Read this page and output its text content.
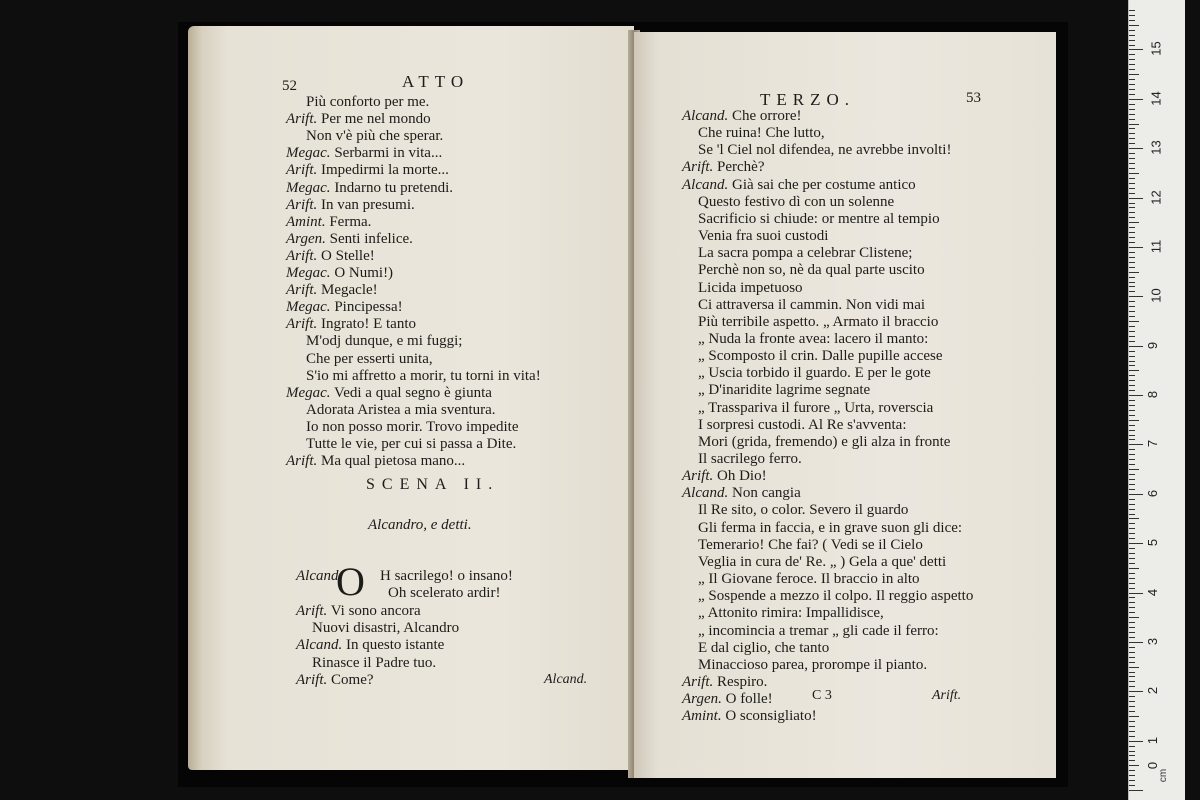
52	ATTO
Più conforto per me.
Arift. Per me nel mondo
Non v'è più che sperar.
Megac. Serbarmi in vita...
Arift. Impedirmi la morte...
Megac. Indarno tu pretendi.
Arift. In van presumi.
Amint. Ferma.
Argen. Senti infelice.
Arift. O Stelle!
Megac. O Numi!)
Arift. Megacle!
Megac. Pincipessa!
Arift. Ingrato! E tanto
M'odj dunque, e mi fuggi;
Che per esserti unita,
S'io mi affretto a morir, tu torni in vita!
Megac. Vedi a qual segno è giunta
Adorata Aristea a mia sventura.
Io non posso morir. Trovo impedite
Tutte le vie, per cui si passa a Dite.
Arift. Ma qual pietosa mano...
SCENA II.
Alcandro, e detti.
O
Alcand.	H sacrilego! o insano!
Oh scelerato ardir!
Arift. Vi sono ancora
Nuovi disastri, Alcandro
Alcand. In questo istante
Rinasce il Padre tuo.
Arift. Come?	Alcand.
TERZO.	53
Alcand. Che orrore!
Che ruina! Che lutto,
Se 'l Ciel nol difendea, ne avrebbe involti!
Arift. Perchè?
Alcand. Già sai che per costume antico
Questo festivo dì con un solenne
Sacrificio si chiude: or mentre al tempio
Venia fra suoi custodi
La sacra pompa a celebrar Clistene;
Perchè non so, nè da qual parte uscito
Licida impetuoso
Ci attraversa il cammin. Non vidi mai
Più terribile aspetto. „ Armato il braccio
„ Nuda la fronte avea: lacero il manto:
„ Scomposto il crin. Dalle pupille accese
„ Uscia torbido il guardo. E per le gote
„ D'inaridite lagrime segnate
„ Trasspariva il furore „ Urta, roverscia
I sorpresi custodi. Al Re s'avventa:
Mori (grida, fremendo) e gli alza in fronte
Il sacrilego ferro.
Arift. Oh Dio!
Alcand. Non cangia
Il Re sito, o color. Severo il guardo
Gli ferma in faccia, e in grave suon gli dice:
Temerario! Che fai? ( Vedi se il Cielo
Veglia in cura de' Re. „ ) Gela a que' detti
„ Il Giovane feroce. Il braccio in alto
„ Sospende a mezzo il colpo. Il reggio aspetto
„ Attonito rimira: Impallidisce,
„ incomincia a tremar „ gli cade il ferro:
E dal ciglio, che tanto
Minaccioso parea, prorompe il pianto.
Arift. Respiro.
Argen. O folle!
Amint. O sconsigliato!
C 3	Arift.
15
14
13
12
11
10
9
8
7
6
5
4
3
2
1
0
cm
